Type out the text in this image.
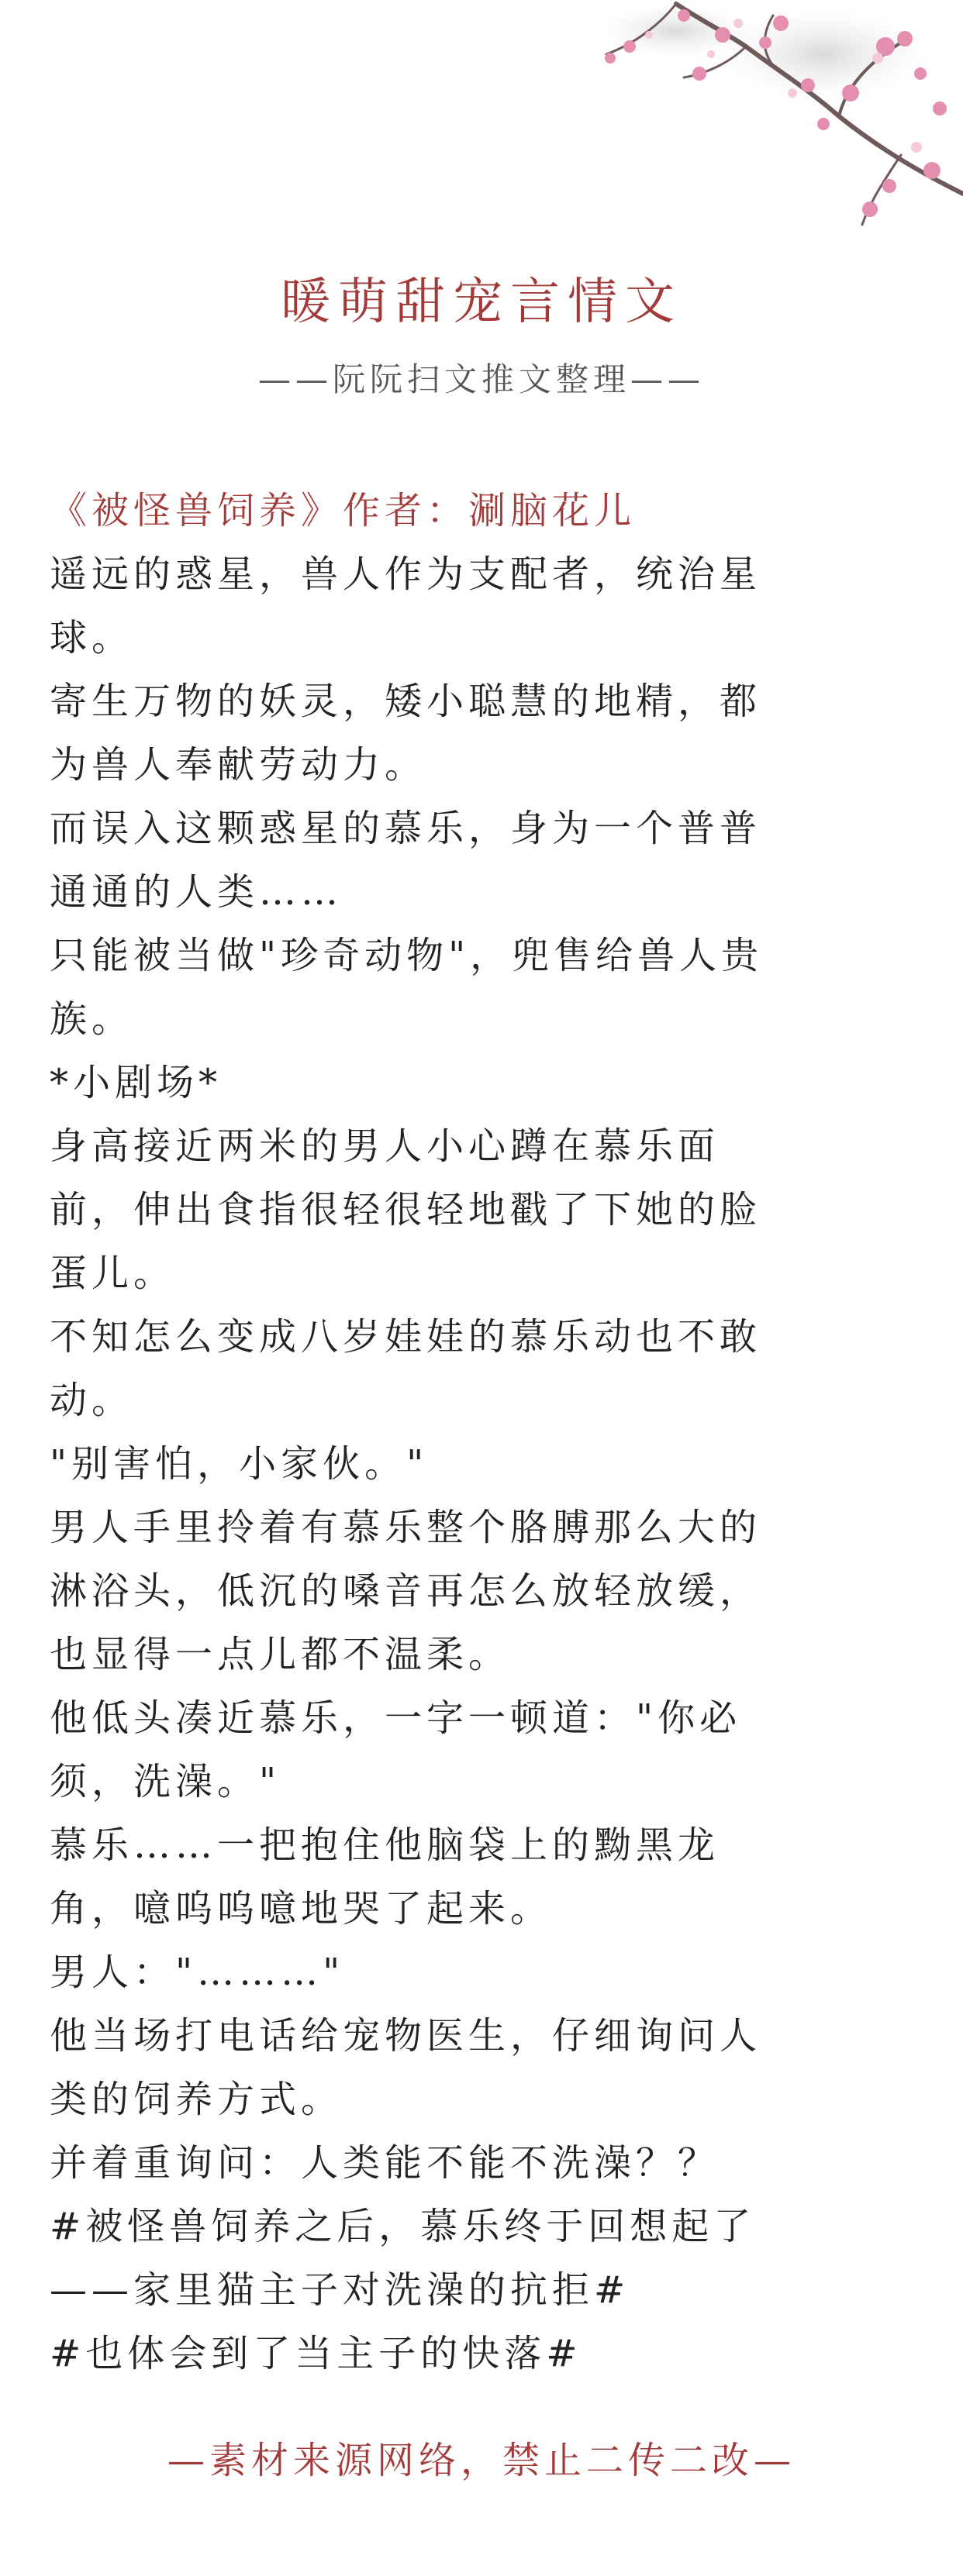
暖萌甜宠言情文
——阮阮扫文推文整理——
《被怪兽饲养》作者：涮脑花儿
遥远的惑星，兽人作为支配者，统治星
球。
寄生万物的妖灵，矮小聪慧的地精，都
为兽人奉献劳动力。
而误入这颗惑星的慕乐，身为一个普普
通通的人类……
只能被当做"珍奇动物"，兜售给兽人贵
族。
*小剧场*
身高接近两米的男人小心蹲在慕乐面
前，伸出食指很轻很轻地戳了下她的脸
蛋儿。
不知怎么变成八岁娃娃的慕乐动也不敢
动。
"别害怕，小家伙。"
男人手里拎着有慕乐整个胳膊那么大的
淋浴头，低沉的嗓音再怎么放轻放缓，
也显得一点儿都不温柔。
他低头凑近慕乐，一字一顿道："你必
须，洗澡。"
慕乐……一把抱住他脑袋上的黝黑龙
角，噫呜呜噫地哭了起来。
男人："………"
他当场打电话给宠物医生，仔细询问人
类的饲养方式。
并着重询问：人类能不能不洗澡？？
#被怪兽饲养之后，慕乐终于回想起了
——家里猫主子对洗澡的抗拒#
#也体会到了当主子的快落#
—素材来源网络，禁止二传二改—
